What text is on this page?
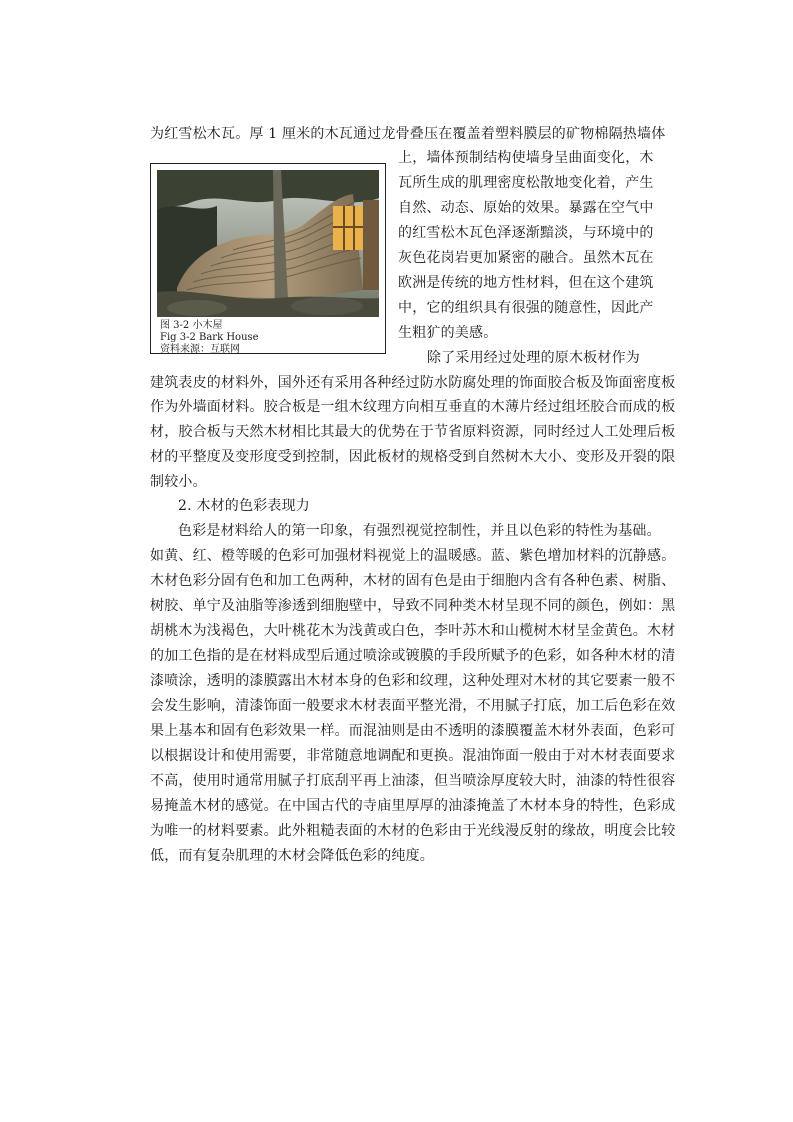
图 3-2 小木屋
Fig 3-2 Bark House
资料来源：互联网
为红雪松木瓦。厚 1 厘米的木瓦通过龙骨叠压在覆盖着塑料膜层的矿物棉隔热墙体
上，墙体预制结构使墙身呈曲面变化，木
瓦所生成的肌理密度松散地变化着，产生
自然、动态、原始的效果。暴露在空气中
的红雪松木瓦色泽逐渐黯淡，与环境中的
灰色花岗岩更加紧密的融合。虽然木瓦在
欧洲是传统的地方性材料，但在这个建筑
中，它的组织具有很强的随意性，因此产
生粗犷的美感。
除了采用经过处理的原木板材作为
建筑表皮的材料外，国外还有采用各种经过防水防腐处理的饰面胶合板及饰面密度板
作为外墙面材料。胶合板是一组木纹理方向相互垂直的木薄片经过组坯胶合而成的板
材，胶合板与天然木材相比其最大的优势在于节省原料资源，同时经过人工处理后板
材的平整度及变形度受到控制，因此板材的规格受到自然树木大小、变形及开裂的限
制较小。
2. 木材的色彩表现力
色彩是材料给人的第一印象，有强烈视觉控制性，并且以色彩的特性为基础。
如黄、红、橙等暖的色彩可加强材料视觉上的温暖感。蓝、紫色增加材料的沉静感。
木材色彩分固有色和加工色两种，木材的固有色是由于细胞内含有各种色素、树脂、
树胶、单宁及油脂等渗透到细胞壁中，导致不同种类木材呈现不同的颜色，例如：黑
胡桃木为浅褐色，大叶桃花木为浅黄或白色，李叶苏木和山榄树木材呈金黄色。木材
的加工色指的是在材料成型后通过喷涂或镀膜的手段所赋予的色彩，如各种木材的清
漆喷涂，透明的漆膜露出木材本身的色彩和纹理，这种处理对木材的其它要素一般不
会发生影响，清漆饰面一般要求木材表面平整光滑，不用腻子打底，加工后色彩在效
果上基本和固有色彩效果一样。而混油则是由不透明的漆膜覆盖木材外表面，色彩可
以根据设计和使用需要，非常随意地调配和更换。混油饰面一般由于对木材表面要求
不高，使用时通常用腻子打底刮平再上油漆，但当喷涂厚度较大时，油漆的特性很容
易掩盖木材的感觉。在中国古代的寺庙里厚厚的油漆掩盖了木材本身的特性，色彩成
为唯一的材料要素。此外粗糙表面的木材的色彩由于光线漫反射的缘故，明度会比较
低，而有复杂肌理的木材会降低色彩的纯度。
